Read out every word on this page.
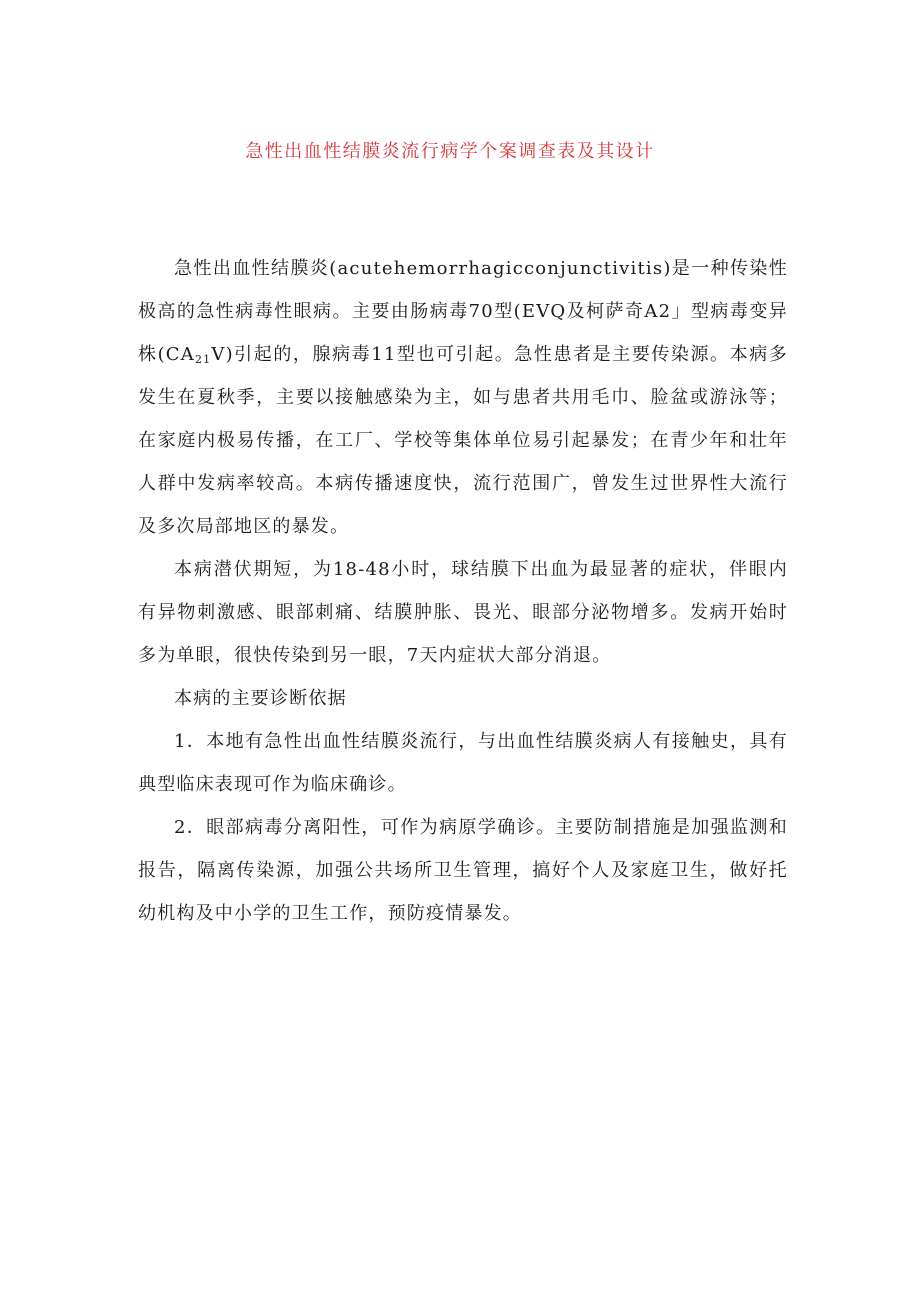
急性出血性结膜炎流行病学个案调查表及其设计

急性出血性结膜炎(acutehemorrhagicconjunctivitis)是一种传染性极高的急性病毒性眼病。主要由肠病毒70型(EVQ及柯萨奇A2」型病毒变异株$(CA_{21}V)$引起的，腺病毒11型也可引起。急性患者是主要传染源。本病多发生在夏秋季，主要以接触感染为主，如与患者共用毛巾、脸盆或游泳等；在家庭内极易传播，在工厂、学校等集体单位易引起暴发；在青少年和壮年人群中发病率较高。本病传播速度快，流行范围广，曾发生过世界性大流行及多次局部地区的暴发。

本病潜伏期短，为18-48小时，球结膜下出血为最显著的症状，伴眼内有异物刺激感、眼部刺痛、结膜肿胀、畏光、眼部分泌物增多。发病开始时多为单眼，很快传染到另一眼，7天内症状大部分消退。

本病的主要诊断依据

1．本地有急性出血性结膜炎流行，与出血性结膜炎病人有接触史，具有典型临床表现可作为临床确诊。

2．眼部病毒分离阳性，可作为病原学确诊。主要防制措施是加强监测和报告，隔离传染源，加强公共场所卫生管理，搞好个人及家庭卫生，做好托幼机构及中小学的卫生工作，预防疫情暴发。
